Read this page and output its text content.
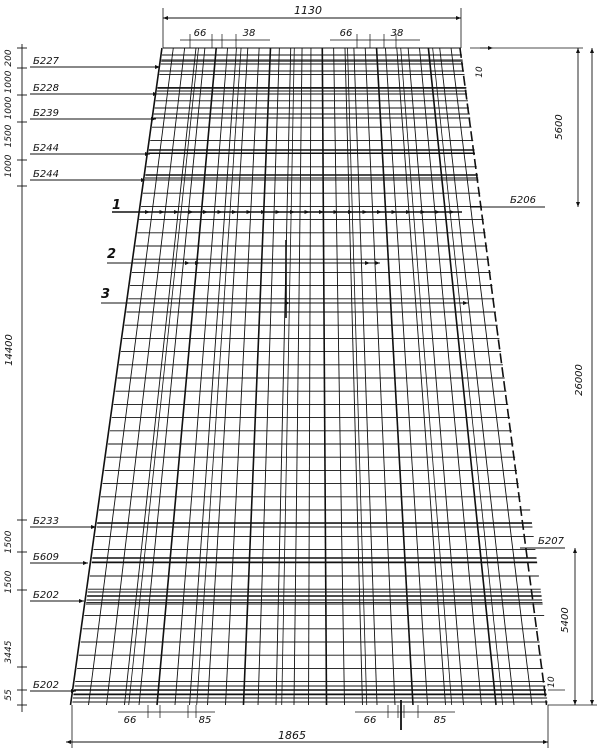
1130
66	38	66	38
10
5600
26000
5400
10
1865
66	85	66	85
200
1000
1000
1500
1000
14400
1500
1500
3445
55
Б227
Б228
Б239
Б244
Б244
Б233
Б609
Б202
Б202
Б206
Б207
1
2
3
